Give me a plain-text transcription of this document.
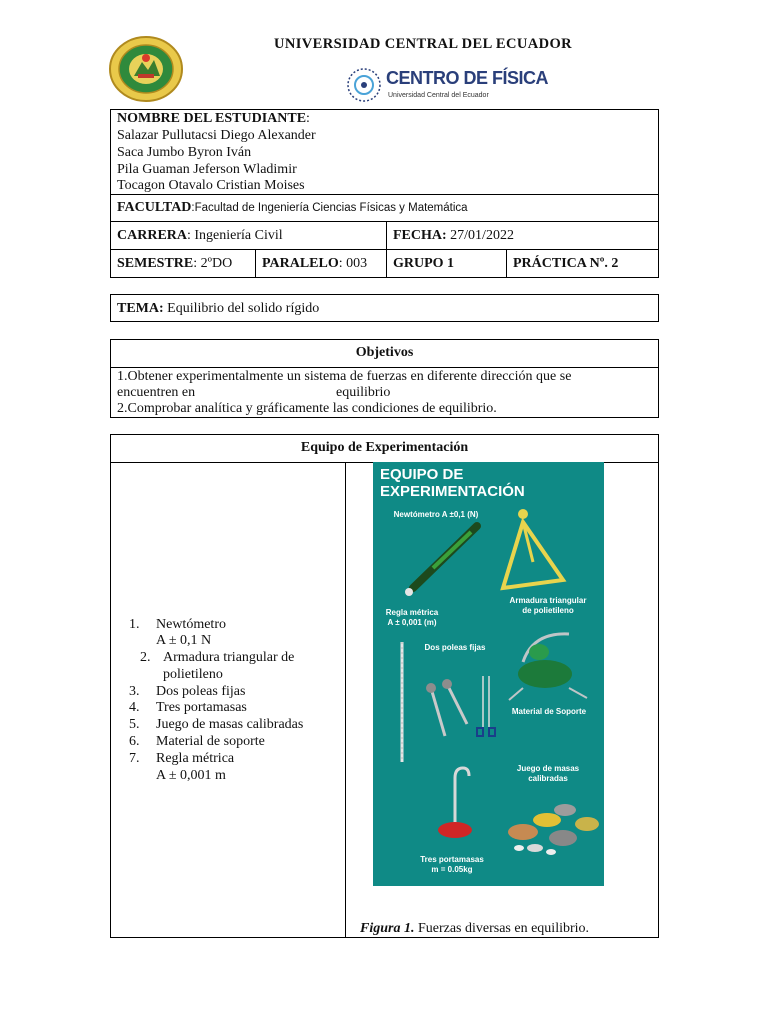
UNIVERSIDAD CENTRAL DEL ECUADOR
CENTRO DE FÍSICA
Universidad Central del Ecuador
NOMBRE DEL ESTUDIANTE:
Salazar Pullutacsi Diego Alexander
Saca Jumbo Byron Iván
Pila Guaman Jeferson Wladimir
Tocagon Otavalo Cristian Moises
FACULTAD:Facultad de Ingeniería Ciencias Físicas y Matemática
CARRERA: Ingeniería Civil	FECHA: 27/01/2022
SEMESTRE: 2ºDO PARALELO: 003 GRUPO 1	PRÁCTICA Nº. 2
TEMA: Equilibrio del solido rígido
Objetivos
1.Obtener experimentalmente un sistema de fuerzas en diferente dirección que se
encuentren en	equilibrio
2.Comprobar analítica y gráficamente las condiciones de equilibrio.
Equipo de Experimentación
1. Newtómetro
A ± 0,1 N
2. Armadura triangular de
polietileno
3. Dos poleas fijas
4. Tres portamasas
5. Juego de masas calibradas
6. Material de soporte
7. Regla métrica
A ± 0,001 m
EQUIPO DE
EXPERIMENTACIÓN
Newtómetro A ±0,1 (N)
Armadura triangular
de polietileno
Regla métrica
A ± 0,001 (m)
Dos poleas fijas
Material de Soporte
Juego de masas
calibradas
Tres portamasas
m = 0.05kg
Figura 1. Fuerzas diversas en equilibrio.
